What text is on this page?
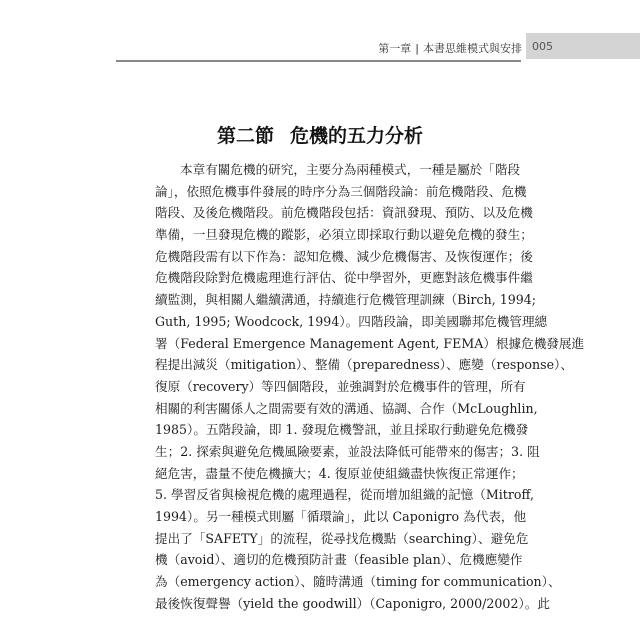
第一章 | 本書思維模式與安排 005
第二節 危機的五力分析
本章有關危機的研究，主要分為兩種模式，一種是屬於「階段
論」，依照危機事件發展的時序分為三個階段論：前危機階段、危機
階段、及後危機階段。前危機階段包括：資訊發現、預防、以及危機
準備，一旦發現危機的蹤影，必須立即採取行動以避免危機的發生；
危機階段需有以下作為：認知危機、減少危機傷害、及恢復運作；後
危機階段除對危機處理進行評估、從中學習外，更應對該危機事件繼
續監測，與相關人繼續溝通，持續進行危機管理訓練（Birch, 1994;
Guth, 1995; Woodcock, 1994）。四階段論，即美國聯邦危機管理總
署（Federal Emergence Management Agent, FEMA）根據危機發展進
程提出減災（mitigation）、整備（preparedness）、應變（response）、
復原（recovery）等四個階段，並強調對於危機事件的管理，所有
相關的利害關係人之間需要有效的溝通、協調、合作（McLoughlin,
1985）。五階段論，即 1. 發現危機警訊，並且採取行動避免危機發
生；2. 探索與避免危機風險要素，並設法降低可能帶來的傷害；3. 阻
絕危害，盡量不使危機擴大；4. 復原並使組織盡快恢復正常運作；
5. 學習反省與檢視危機的處理過程，從而增加組織的記憶（Mitroff,
1994）。另一種模式則屬「循環論」，此以 Caponigro 為代表，他
提出了「SAFETY」的流程，從尋找危機點（searching）、避免危
機（avoid）、適切的危機預防計畫（feasible plan）、危機應變作
為（emergency action）、隨時溝通（timing for communication）、
最後恢復聲譽（yield the goodwill）（Caponigro, 2000/2002）。此
